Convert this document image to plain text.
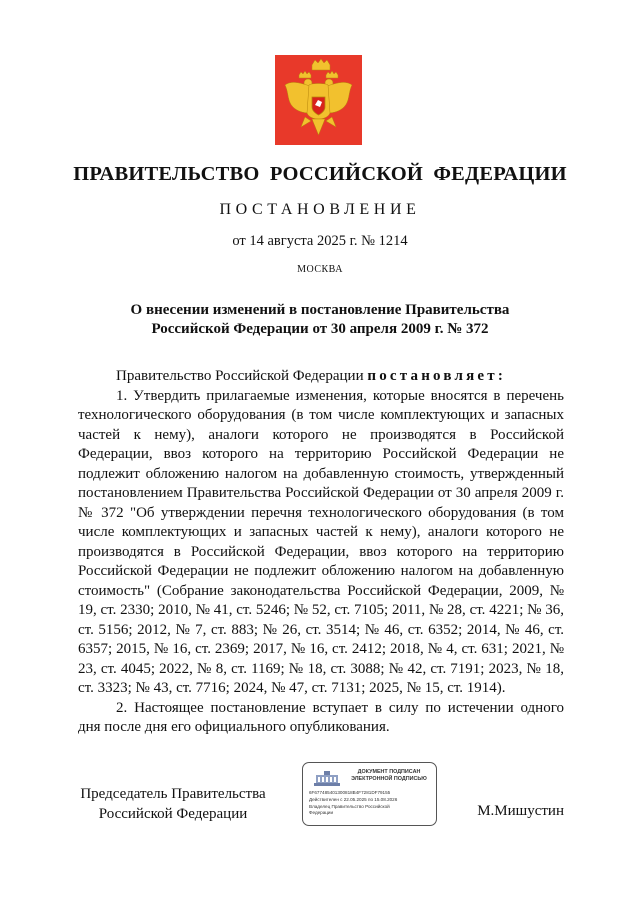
ПРАВИТЕЛЬСТВО РОССИЙСКОЙ ФЕДЕРАЦИИ
ПОСТАНОВЛЕНИЕ
от 14 августа 2025 г. № 1214
МОСКВА
О внесении изменений в постановление Правительства
Российской Федерации от 30 апреля 2009 г. № 372

Правительство Российской Федерации постановляет:

1. Утвердить прилагаемые изменения, которые вносятся в перечень технологического оборудования (в том числе комплектующих и запасных частей к нему), аналоги которого не производятся в Российской Федерации, ввоз которого на территорию Российской Федерации не подлежит обложению налогом на добавленную стоимость, утвержденный постановлением Правительства Российской Федерации от 30 апреля 2009 г. № 372 "Об утверждении перечня технологического оборудования (в том числе комплектующих и запасных частей к нему), аналоги которого не производятся в Российской Федерации, ввоз которого на территорию Российской Федерации не подлежит обложению налогом на добавленную стоимость" (Собрание законодательства Российской Федерации, 2009, № 19, ст. 2330; 2010, № 41, ст. 5246; № 52, ст. 7105; 2011, № 28, ст. 4221; № 36, ст. 5156; 2012, № 7, ст. 883; № 26, ст. 3514; № 46, ст. 6352; 2014, № 46, ст. 6357; 2015, № 16, ст. 2369; 2017, № 16, ст. 2412; 2018, № 4, ст. 631; 2021, № 23, ст. 4045; 2022, № 8, ст. 1169; № 18, ст. 3088; № 42, ст. 7191; 2023, № 18, ст. 3323; № 43, ст. 7716; 2024, № 47, ст. 7131; 2025, № 15, ст. 1914).

2. Настоящее постановление вступает в силу по истечении одного дня после дня его официального опубликования.

Председатель Правительства
Российской Федерации
ДОКУМЕНТ ПОДПИСАН
ЭЛЕКТРОННОЙ ПОДПИСЬЮ
6F677485401300818B4F7281DF79155
Действителен с 22.05.2025 по 15.08.2026
Владелец Правительство Российской
Федерации	М.Мишустин
